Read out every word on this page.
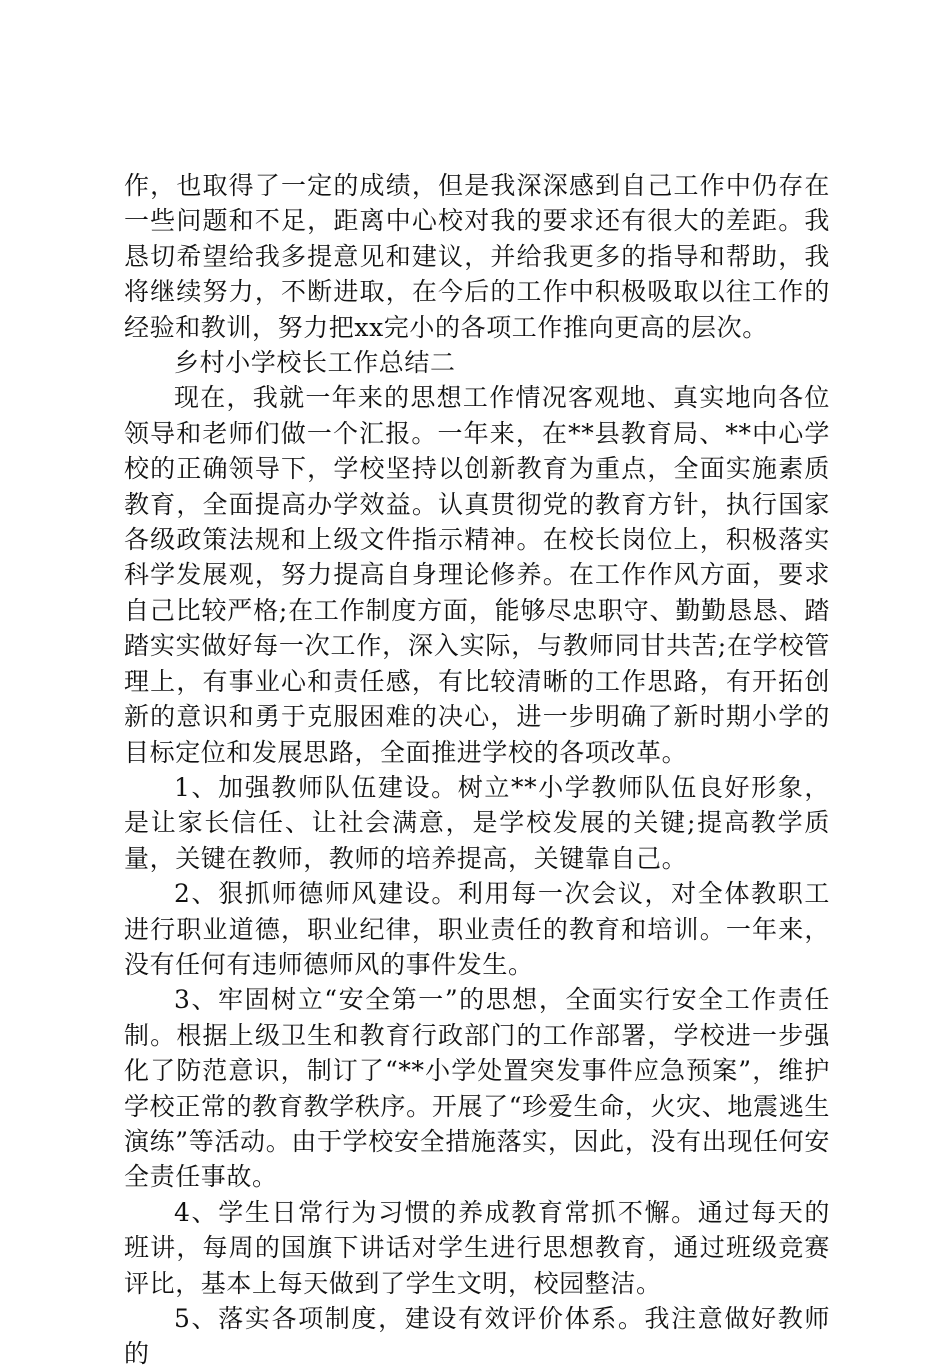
作，也取得了一定的成绩，但是我深深感到自己工作中仍存在一些问题和不足，距离中心校对我的要求还有很大的差距。我恳切希望给我多提意见和建议，并给我更多的指导和帮助，我将继续努力，不断进取，在今后的工作中积极吸取以往工作的经验和教训，努力把xx完小的各项工作推向更高的层次。

乡村小学校长工作总结二

现在，我就一年来的思想工作情况客观地、真实地向各位领导和老师们做一个汇报。一年来，在**县教育局、**中心学校的正确领导下，学校坚持以创新教育为重点，全面实施素质教育，全面提高办学效益。认真贯彻党的教育方针，执行国家各级政策法规和上级文件指示精神。在校长岗位上，积极落实科学发展观，努力提高自身理论修养。在工作作风方面，要求自己比较严格;在工作制度方面，能够尽忠职守、勤勤恳恳、踏踏实实做好每一次工作，深入实际，与教师同甘共苦;在学校管理上，有事业心和责任感，有比较清晰的工作思路，有开拓创新的意识和勇于克服困难的决心，进一步明确了新时期小学的目标定位和发展思路，全面推进学校的各项改革。

1、加强教师队伍建设。树立**小学教师队伍良好形象，是让家长信任、让社会满意，是学校发展的关键;提高教学质量，关键在教师，教师的培养提高，关键靠自己。

2、狠抓师德师风建设。利用每一次会议，对全体教职工进行职业道德，职业纪律，职业责任的教育和培训。一年来，没有任何有违师德师风的事件发生。

3、牢固树立“安全第一”的思想，全面实行安全工作责任制。根据上级卫生和教育行政部门的工作部署，学校进一步强化了防范意识，制订了“**小学处置突发事件应急预案”，维护学校正常的教育教学秩序。开展了“珍爱生命，火灾、地震逃生演练”等活动。由于学校安全措施落实，因此，没有出现任何安全责任事故。

4、学生日常行为习惯的养成教育常抓不懈。通过每天的班讲，每周的国旗下讲话对学生进行思想教育，通过班级竞赛评比，基本上每天做到了学生文明，校园整洁。

5、落实各项制度，建设有效评价体系。我注意做好教师的
